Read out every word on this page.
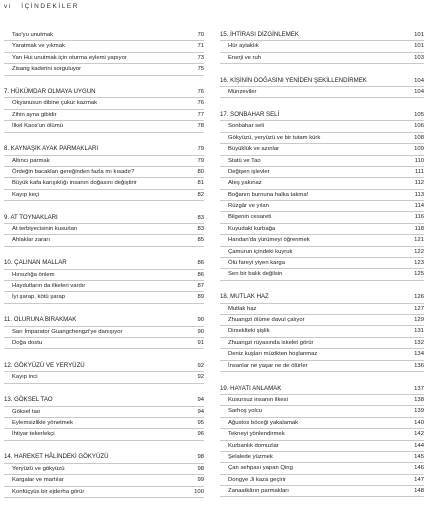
vi İÇİNDEKİLER
Tao'yu unutmak	70
Yaratmak ve yıkmak	71
Yan Hui unutmak için oturma eylemi yapıyor	73
Zisang kaderini sorguluyor	75
7. HÜKÜMDAR OLMAYA UYGUN	76
Okyanusun dibine çukur kazmak	76
Zihin ayna gibidir	77
İlkel Kaos'un ölümü	78
8. KAYNAŞIK AYAK PARMAKLARI	79
Altıncı parmak	79
Ördeğin bacakları gereğinden fazla mı kısadır?	80
Büyük kafa karışıklığı insanın doğasını değiştirir	81
Kayıp keçi	82
9. AT TOYNAKLARI	83
At terbiyecisinin kusurları	83
Ahlaklar zararı	85
10. ÇALINAN MALLAR	86
Hırsızlığa önlem	86
Haydutların da ilkeleri vardır	87
İyi şarap, kötü şarap	89
11. OLURUNA BIRAKMAK	90
Sarı İmparator Guangchengzi'ye danışıyor	90
Doğa dostu	91
12. GÖKYÜZÜ VE YERYÜZÜ	92
Kayıp inci	92
13. GÖKSEL TAO	94
Göksel tao	94
Eylemsizlikle yönetmek	95
İhtiyar tekerlekçi	96
14. HAREKET HÂLİNDEKİ GÖKYÜZÜ	98
Yeryüzü ve gökyüzü	98
Kargalar ve martılar	99
Konfüçyüs bir ejderha görür	100
15. İHTİRASI DİZGİNLEMEK	101
Hür aylaklık	101
Enerji ve ruh	103
16. KİŞİNİN DOĞASINI YENİDEN ŞEKİLLENDİRMEK	104
Münzeviler	104
17. SONBAHAR SELİ	105
Sonbahar seli	106
Gökyüzü, yeryüzü ve bir tutam kürk	108
Büyüklük ve azınlar	109
Statü ve Tao	110
Değişen işlevler	111
Ateş yakınaz	112
Boğanın burnuna halka takma!	113
Rüzgâr ve yılan	114
Bilgenin cesareti	116
Kuyudaki kurbağa	118
Handan'da yürümeyi öğrenmek	121
Çamurun içindeki kuyruk	122
Ölü fareyi yiyen karga	123
Sen bir balık değilsin	125
18. MUTLAK HAZ	126
Mutlak haz	127
Zhuangzi ölüme davul çalıyor	129
Dirseklteki şişlik	131
Zhuangzi rüyasında iskelet görür	132
Deniz kuşları müzikten hoşlanmaz	134
İnsanlar ne yaşar ne de ölürler	136
19. HAYATI ANLAMAK	137
Kusursuz insanın ilkesi	138
Sarhoş yolcu	139
Ağustos böceği yakalamak	140
Tekneyi yönlendirmek	142
Kurbanlık domuzlar	144
Şelalede yüzmek	145
Çan sehpası yapan Qing	146
Dongye Ji kaza geçirir	147
Zanaatkârın parmakları	148
